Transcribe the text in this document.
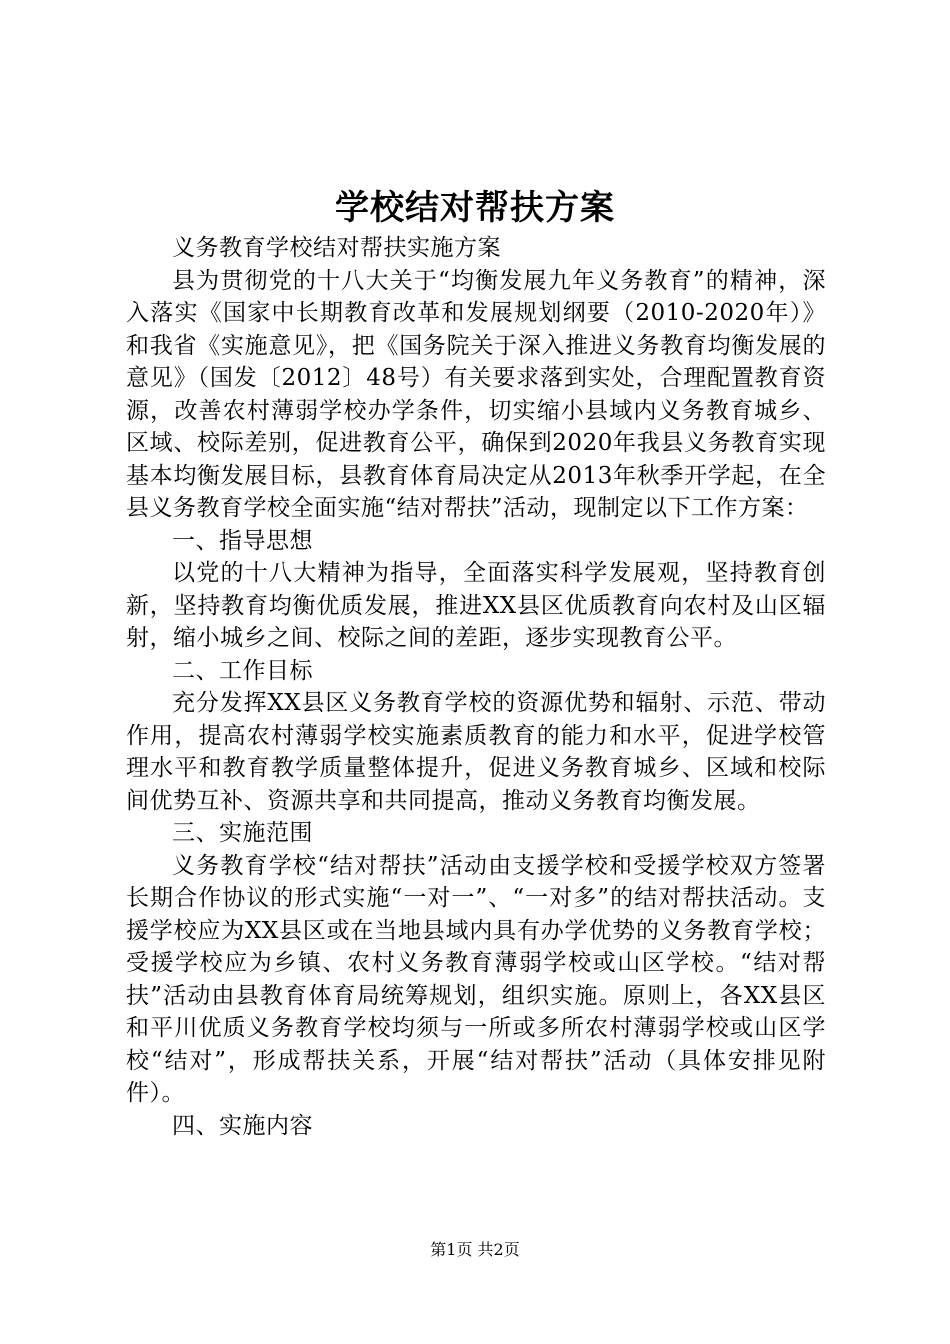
学校结对帮扶方案

义务教育学校结对帮扶实施方案

县为贯彻党的十八大关于“均衡发展九年义务教育”的精神，深入落实《国家中长期教育改革和发展规划纲要（2010-2020年）》和我省《实施意见》，把《国务院关于深入推进义务教育均衡发展的意见》（国发〔2012〕48号）有关要求落到实处，合理配置教育资源，改善农村薄弱学校办学条件，切实缩小县域内义务教育城乡、区域、校际差别，促进教育公平，确保到2020年我县义务教育实现基本均衡发展目标，县教育体育局决定从2013年秋季开学起，在全县义务教育学校全面实施“结对帮扶”活动，现制定以下工作方案：

一、指导思想

以党的十八大精神为指导，全面落实科学发展观，坚持教育创新，坚持教育均衡优质发展，推进XX县区优质教育向农村及山区辐射，缩小城乡之间、校际之间的差距，逐步实现教育公平。

二、工作目标

充分发挥XX县区义务教育学校的资源优势和辐射、示范、带动作用，提高农村薄弱学校实施素质教育的能力和水平，促进学校管理水平和教育教学质量整体提升，促进义务教育城乡、区域和校际间优势互补、资源共享和共同提高，推动义务教育均衡发展。

三、实施范围

义务教育学校“结对帮扶”活动由支援学校和受援学校双方签署长期合作协议的形式实施“一对一”、“一对多”的结对帮扶活动。支援学校应为XX县区或在当地县域内具有办学优势的义务教育学校；受援学校应为乡镇、农村义务教育薄弱学校或山区学校。“结对帮扶”活动由县教育体育局统筹规划，组织实施。原则上，各XX县区和平川优质义务教育学校均须与一所或多所农村薄弱学校或山区学校“结对”，形成帮扶关系，开展“结对帮扶”活动（具体安排见附件）。

四、实施内容

第1页 共2页
